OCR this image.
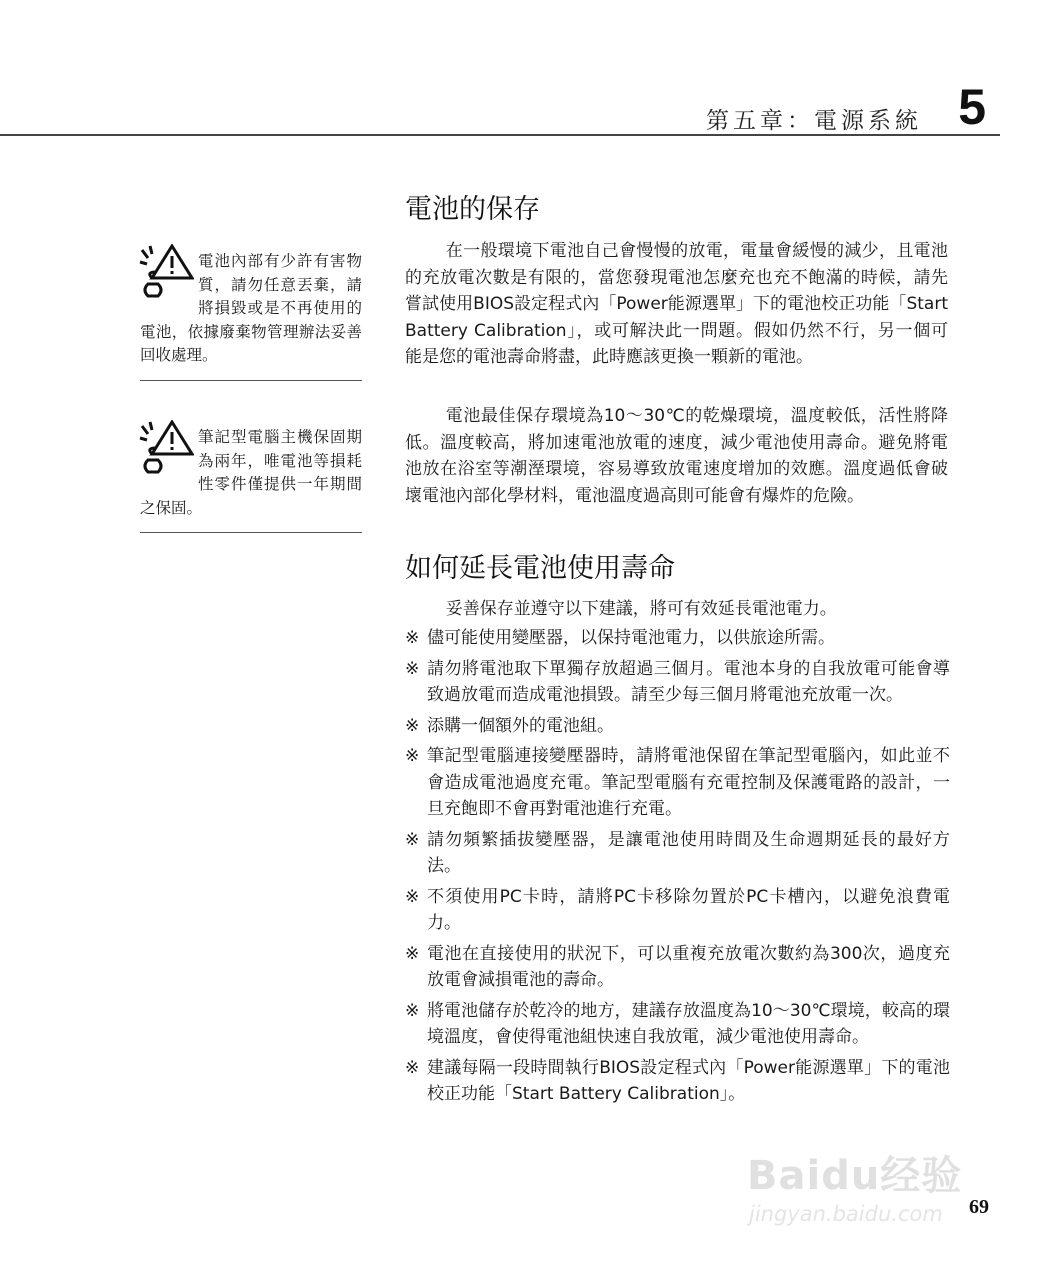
第五章：電源系統 5
電池內部有少許有害物質，請勿任意丟棄，請將損毀或是不再使用的電池，依據廢棄物管理辦法妥善回收處理。
筆記型電腦主機保固期為兩年，唯電池等損耗性零件僅提供一年期間之保固。
電池的保存

在一般環境下電池自己會慢慢的放電，電量會緩慢的減少，且電池的充放電次數是有限的，當您發現電池怎麼充也充不飽滿的時候，請先嘗試使用BIOS設定程式內「Power能源選單」下的電池校正功能「Start Battery Calibration」，或可解決此一問題。假如仍然不行，另一個可能是您的電池壽命將盡，此時應該更換一顆新的電池。

電池最佳保存環境為10～30℃的乾燥環境，溫度較低，活性將降低。溫度較高，將加速電池放電的速度，減少電池使用壽命。避免將電池放在浴室等潮溼環境，容易導致放電速度增加的效應。溫度過低會破壞電池內部化學材料，電池溫度過高則可能會有爆炸的危險。

如何延長電池使用壽命

妥善保存並遵守以下建議，將可有效延長電池電力。

※ 儘可能使用變壓器，以保持電池電力，以供旅途所需。
※ 請勿將電池取下單獨存放超過三個月。電池本身的自我放電可能會導致過放電而造成電池損毀。請至少每三個月將電池充放電一次。
※ 添購一個額外的電池組。
※ 筆記型電腦連接變壓器時，請將電池保留在筆記型電腦內，如此並不會造成電池過度充電。筆記型電腦有充電控制及保護電路的設計，一旦充飽即不會再對電池進行充電。
※ 請勿頻繁插拔變壓器，是讓電池使用時間及生命週期延長的最好方法。
※ 不須使用PC卡時，請將PC卡移除勿置於PC卡槽內，以避免浪費電力。
※ 電池在直接使用的狀況下，可以重複充放電次數約為300次，過度充放電會減損電池的壽命。
※ 將電池儲存於乾冷的地方，建議存放溫度為10～30℃環境，較高的環境溫度，會使得電池組快速自我放電，減少電池使用壽命。
※ 建議每隔一段時間執行BIOS設定程式內「Power能源選單」下的電池校正功能「Start Battery Calibration」。
Baidu经验
jingyan.baidu.com 69
